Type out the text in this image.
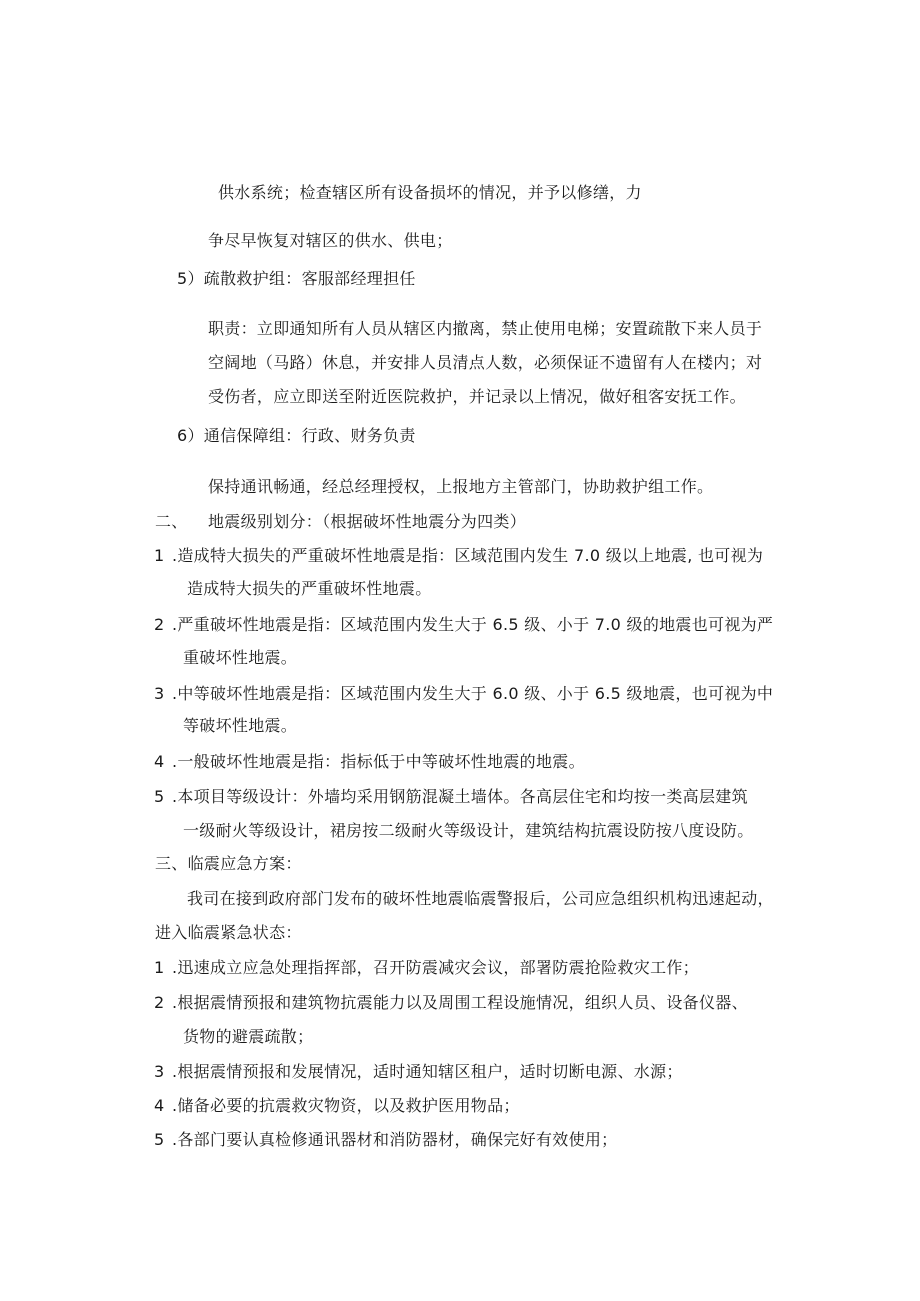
供水系统；检查辖区所有设备损坏的情况，并予以修缮，力
争尽早恢复对辖区的供水、供电；
5）疏散救护组：客服部经理担任
职责：立即通知所有人员从辖区内撤离，禁止使用电梯；安置疏散下来人员于
空阔地（马路）休息，并安排人员清点人数，必须保证不遗留有人在楼内；对
受伤者，应立即送至附近医院救护，并记录以上情况，做好租客安抚工作。
6）通信保障组：行政、财务负责
保持通讯畅通，经总经理授权，上报地方主管部门，协助救护组工作。
二、 地震级别划分：（根据破坏性地震分为四类）
1 .造成特大损失的严重破坏性地震是指：区域范围内发生 7.0 级以上地震, 也可视为
造成特大损失的严重破坏性地震。
2 .严重破坏性地震是指：区域范围内发生大于 6.5 级、小于 7.0 级的地震也可视为严
重破坏性地震。
3 .中等破坏性地震是指：区域范围内发生大于 6.0 级、小于 6.5 级地震，也可视为中
等破坏性地震。
4 .一般破坏性地震是指：指标低于中等破坏性地震的地震。
5 .本项目等级设计：外墙均采用钢筋混凝土墙体。各高层住宅和均按一类高层建筑
一级耐火等级设计，裙房按二级耐火等级设计，建筑结构抗震设防按八度设防。
三、临震应急方案：
我司在接到政府部门发布的破坏性地震临震警报后，公司应急组织机构迅速起动，
进入临震紧急状态：
1 .迅速成立应急处理指挥部，召开防震减灾会议，部署防震抢险救灾工作；
2 .根据震情预报和建筑物抗震能力以及周围工程设施情况，组织人员、设备仪器、
货物的避震疏散；
3 .根据震情预报和发展情况，适时通知辖区租户，适时切断电源、水源；
4 .储备必要的抗震救灾物资，以及救护医用物品；
5 .各部门要认真检修通讯器材和消防器材，确保完好有效使用；
